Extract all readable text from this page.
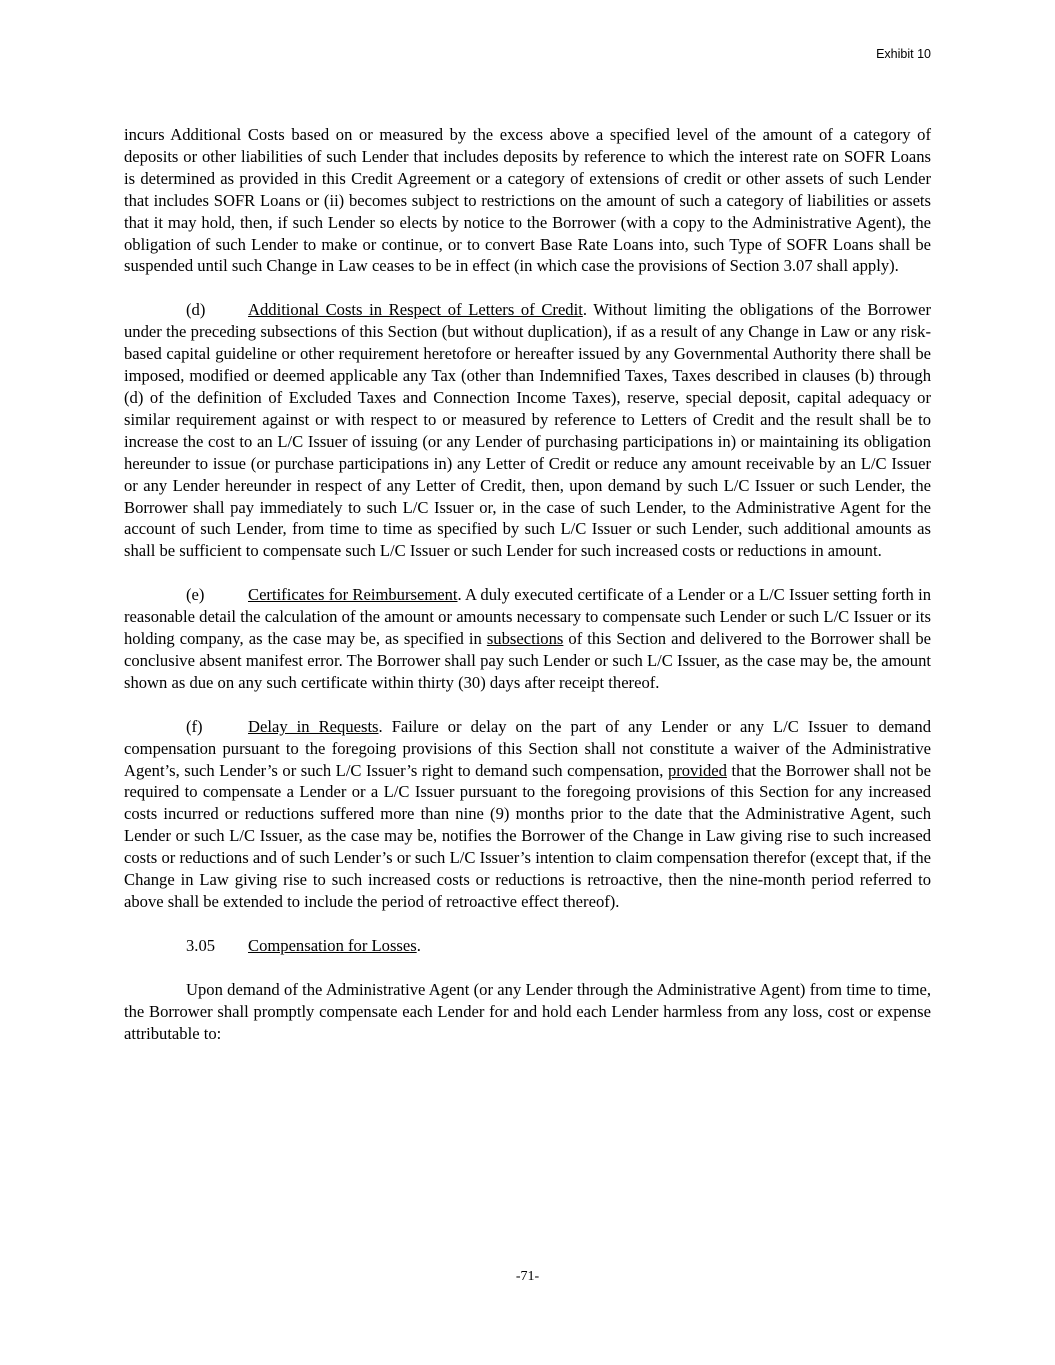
Exhibit 10

incurs Additional Costs based on or measured by the excess above a specified level of the amount of a category of deposits or other liabilities of such Lender that includes deposits by reference to which the interest rate on SOFR Loans is determined as provided in this Credit Agreement or a category of extensions of credit or other assets of such Lender that includes SOFR Loans or (ii) becomes subject to restrictions on the amount of such a category of liabilities or assets that it may hold, then, if such Lender so elects by notice to the Borrower (with a copy to the Administrative Agent), the obligation of such Lender to make or continue, or to convert Base Rate Loans into, such Type of SOFR Loans shall be suspended until such Change in Law ceases to be in effect (in which case the provisions of Section 3.07 shall apply).

(d)	Additional Costs in Respect of Letters of Credit. Without limiting the obligations of the Borrower under the preceding subsections of this Section (but without duplication), if as a result of any Change in Law or any risk-based capital guideline or other requirement heretofore or hereafter issued by any Governmental Authority there shall be imposed, modified or deemed applicable any Tax (other than Indemnified Taxes, Taxes described in clauses (b) through (d) of the definition of Excluded Taxes and Connection Income Taxes), reserve, special deposit, capital adequacy or similar requirement against or with respect to or measured by reference to Letters of Credit and the result shall be to increase the cost to an L/C Issuer of issuing (or any Lender of purchasing participations in) or maintaining its obligation hereunder to issue (or purchase participations in) any Letter of Credit or reduce any amount receivable by an L/C Issuer or any Lender hereunder in respect of any Letter of Credit, then, upon demand by such L/C Issuer or such Lender, the Borrower shall pay immediately to such L/C Issuer or, in the case of such Lender, to the Administrative Agent for the account of such Lender, from time to time as specified by such L/C Issuer or such Lender, such additional amounts as shall be sufficient to compensate such L/C Issuer or such Lender for such increased costs or reductions in amount.

(e)	Certificates for Reimbursement. A duly executed certificate of a Lender or a L/C Issuer setting forth in reasonable detail the calculation of the amount or amounts necessary to compensate such Lender or such L/C Issuer or its holding company, as the case may be, as specified in subsections of this Section and delivered to the Borrower shall be conclusive absent manifest error. The Borrower shall pay such Lender or such L/C Issuer, as the case may be, the amount shown as due on any such certificate within thirty (30) days after receipt thereof.

(f)	Delay in Requests. Failure or delay on the part of any Lender or any L/C Issuer to demand compensation pursuant to the foregoing provisions of this Section shall not constitute a waiver of the Administrative Agent’s, such Lender’s or such L/C Issuer’s right to demand such compensation, provided that the Borrower shall not be required to compensate a Lender or a L/C Issuer pursuant to the foregoing provisions of this Section for any increased costs incurred or reductions suffered more than nine (9) months prior to the date that the Administrative Agent, such Lender or such L/C Issuer, as the case may be, notifies the Borrower of the Change in Law giving rise to such increased costs or reductions and of such Lender’s or such L/C Issuer’s intention to claim compensation therefor (except that, if the Change in Law giving rise to such increased costs or reductions is retroactive, then the nine-month period referred to above shall be extended to include the period of retroactive effect thereof).

3.05 Compensation for Losses.

Upon demand of the Administrative Agent (or any Lender through the Administrative Agent) from time to time, the Borrower shall promptly compensate each Lender for and hold each Lender harmless from any loss, cost or expense attributable to:

-71-
